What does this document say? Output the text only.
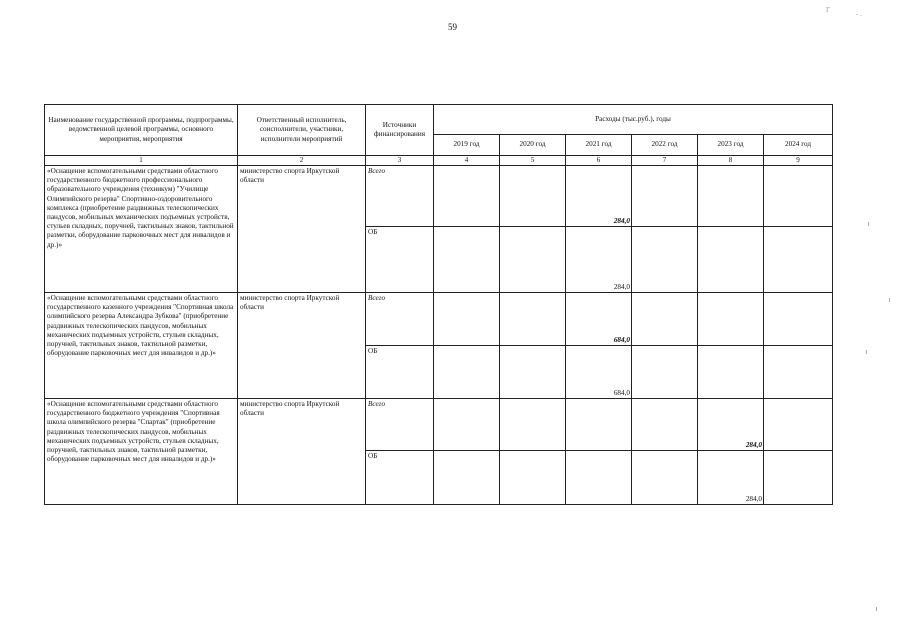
59
Γ	- .
Наименование государственной программы, подпрограммы, ведомственной целевой программы, основного мероприятия, мероприятия	Ответственный исполнитель, соисполнители, участники, исполнители мероприятий	Источники финансирования	Расходы (тыс.руб.), годы					
			2019 год	2020 год	2021 год	2022 год	2023 год	2024 год
1	2	3	4	5	6	7	8	9
«Оснащение вспомогательными средствами областного государственного бюджетного профессионального образовательного учреждения (техникум) "Училище Олимпийского резерва" Спортивно-оздоровительного комплекса (приобретение раздвижных телескопических пандусов, мобильных механических подъемных устройств, стульев складных, поручней, тактильных знаков, тактильной разметки, оборудование парковочных мест для инвалидов и др.)»	министерство спорта Иркутской области	Всего			284,0			
		ОБ			284,0			
«Оснащение вспомогательными средствами областного государственного казенного учреждения "Спортивная школа олимпийского резерва Александра Зубкова" (приобретение раздвижных телескопических пандусов, мобильных механических подъемных устройств, стульев складных, поручней, тактильных знаков, тактильной разметки, оборудование парковочных мест для инвалидов и др.)»	министерство спорта Иркутской области	Всего			684,0			
		ОБ			684,0			
«Оснащение вспомогательными средствами областного государственного бюджетного учреждения "Спортивная школа олимпийского резерва "Спартак" (приобретение раздвижных телескопических пандусов, мобильных механических подъемных устройств, стульев складных, поручней, тактильных знаков, тактильной разметки, оборудование парковочных мест для инвалидов и др.)»	министерство спорта Иркутской области	Всего					284,0	
		ОБ					284,0	
